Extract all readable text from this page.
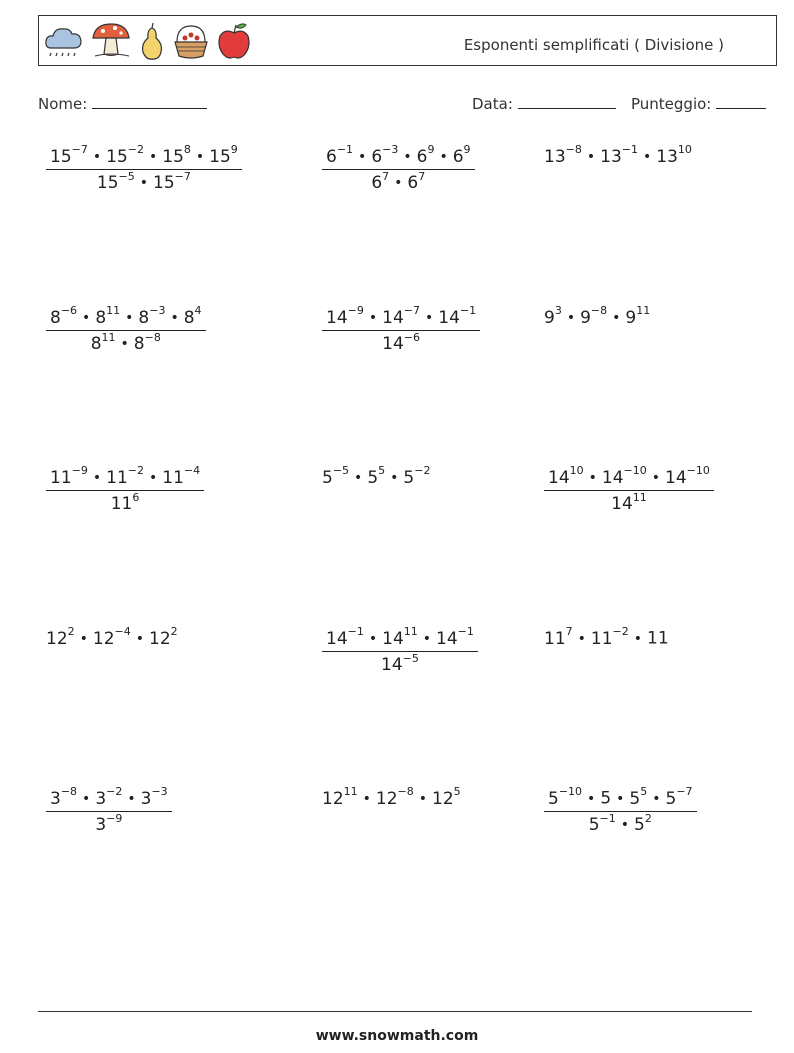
Esponenti semplificati ( Divisione )
Nome:	Data:	Punteggio:
$\frac{15^{-7} • 15^{-2} • 15^8 • 15^9}{15^{-5} • 15^{-7}}$	$\frac{6^{-1} • 6^{-3} • 6^9 • 6^9}{6^7 • 6^7}$	$13^{-8}$ • $13^{-1}$ • $13^{10}$
$\frac{8^{-6} • 8^{11} • 8^{-3} • 8^4}{8^{11} • 8^{-8}}$	$\frac{14^{-9} • 14^{-7} • 14^{-1}}{14^{-6}}$	$9^3$ • $9^{-8}$ • $9^{11}$
$\frac{11^{-9} • 11^{-2} • 11^{-4}}{11^6}$	$5^{-5}$ • $5^5$ • $5^{-2}$	$\frac{14^{10} • 14^{-10} • 14^{-10}}{14^{11}}$
$12^2$ • $12^{-4}$ • $12^2$	$\frac{14^{-1} • 14^{11} • 14^{-1}}{14^{-5}}$	$11^7$ • $11^{-2}$ • 11
$\frac{3^{-8} • 3^{-2} • 3^{-3}}{3^{-9}}$	$12^{11}$ • $12^{-8}$ • $12^5$	$\frac{5^{-10} • 5 • 5^5 • 5^{-7}}{5^{-1} • 5^2}$
www.snowmath.com
